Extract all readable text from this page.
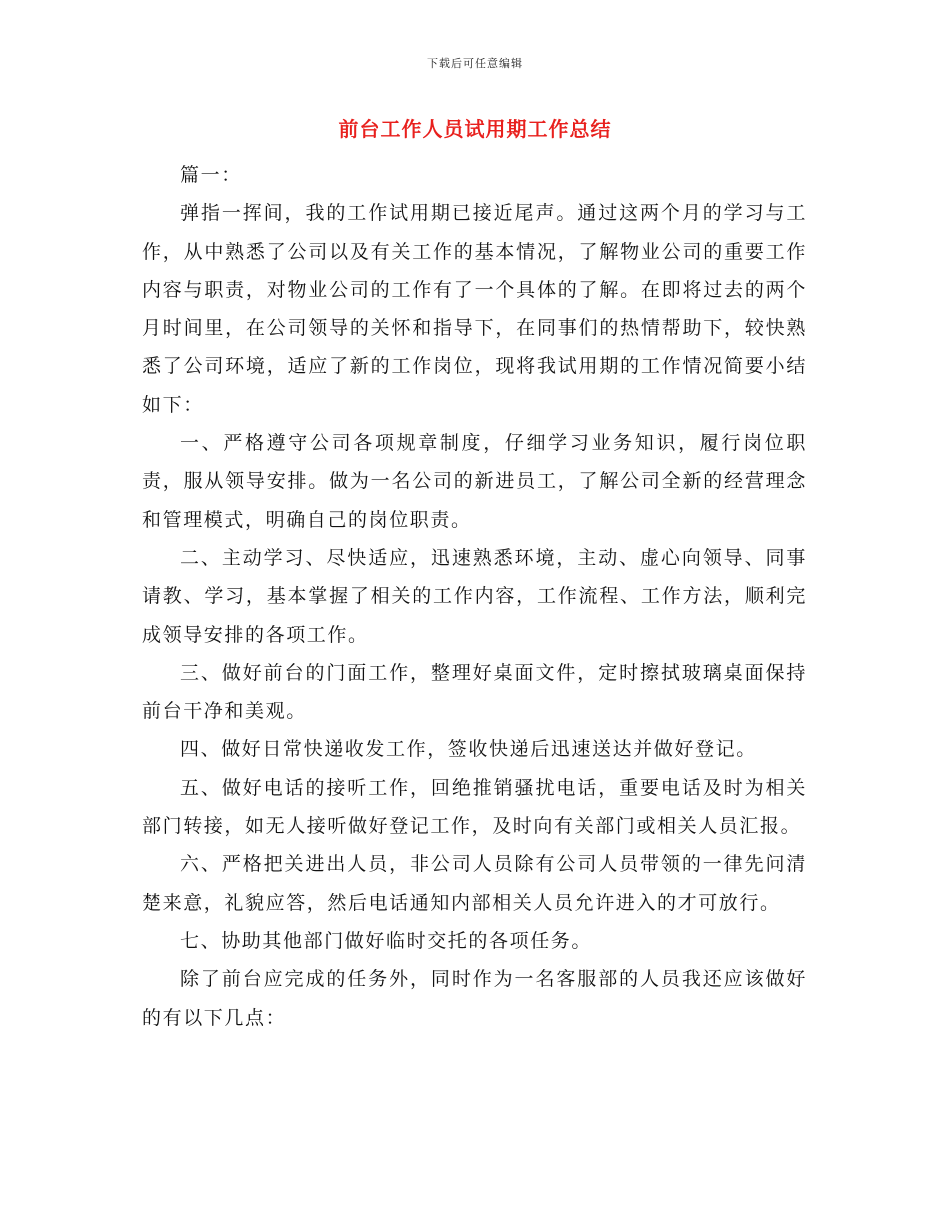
下载后可任意编辑
前台工作人员试用期工作总结

篇一：

弹指一挥间，我的工作试用期已接近尾声。通过这两个月的学习与工作，从中熟悉了公司以及有关工作的基本情况，了解物业公司的重要工作内容与职责，对物业公司的工作有了一个具体的了解。在即将过去的两个月时间里，在公司领导的关怀和指导下，在同事们的热情帮助下，较快熟悉了公司环境，适应了新的工作岗位，现将我试用期的工作情况简要小结如下：

一、严格遵守公司各项规章制度，仔细学习业务知识，履行岗位职责，服从领导安排。做为一名公司的新进员工，了解公司全新的经营理念和管理模式，明确自己的岗位职责。

二、主动学习、尽快适应，迅速熟悉环境，主动、虚心向领导、同事请教、学习，基本掌握了相关的工作内容，工作流程、工作方法，顺利完成领导安排的各项工作。

三、做好前台的门面工作，整理好桌面文件，定时擦拭玻璃桌面保持前台干净和美观。

四、做好日常快递收发工作，签收快递后迅速送达并做好登记。

五、做好电话的接听工作，回绝推销骚扰电话，重要电话及时为相关部门转接，如无人接听做好登记工作，及时向有关部门或相关人员汇报。

六、严格把关进出人员，非公司人员除有公司人员带领的一律先问清楚来意，礼貌应答，然后电话通知内部相关人员允许进入的才可放行。

七、协助其他部门做好临时交托的各项任务。

除了前台应完成的任务外，同时作为一名客服部的人员我还应该做好的有以下几点：
